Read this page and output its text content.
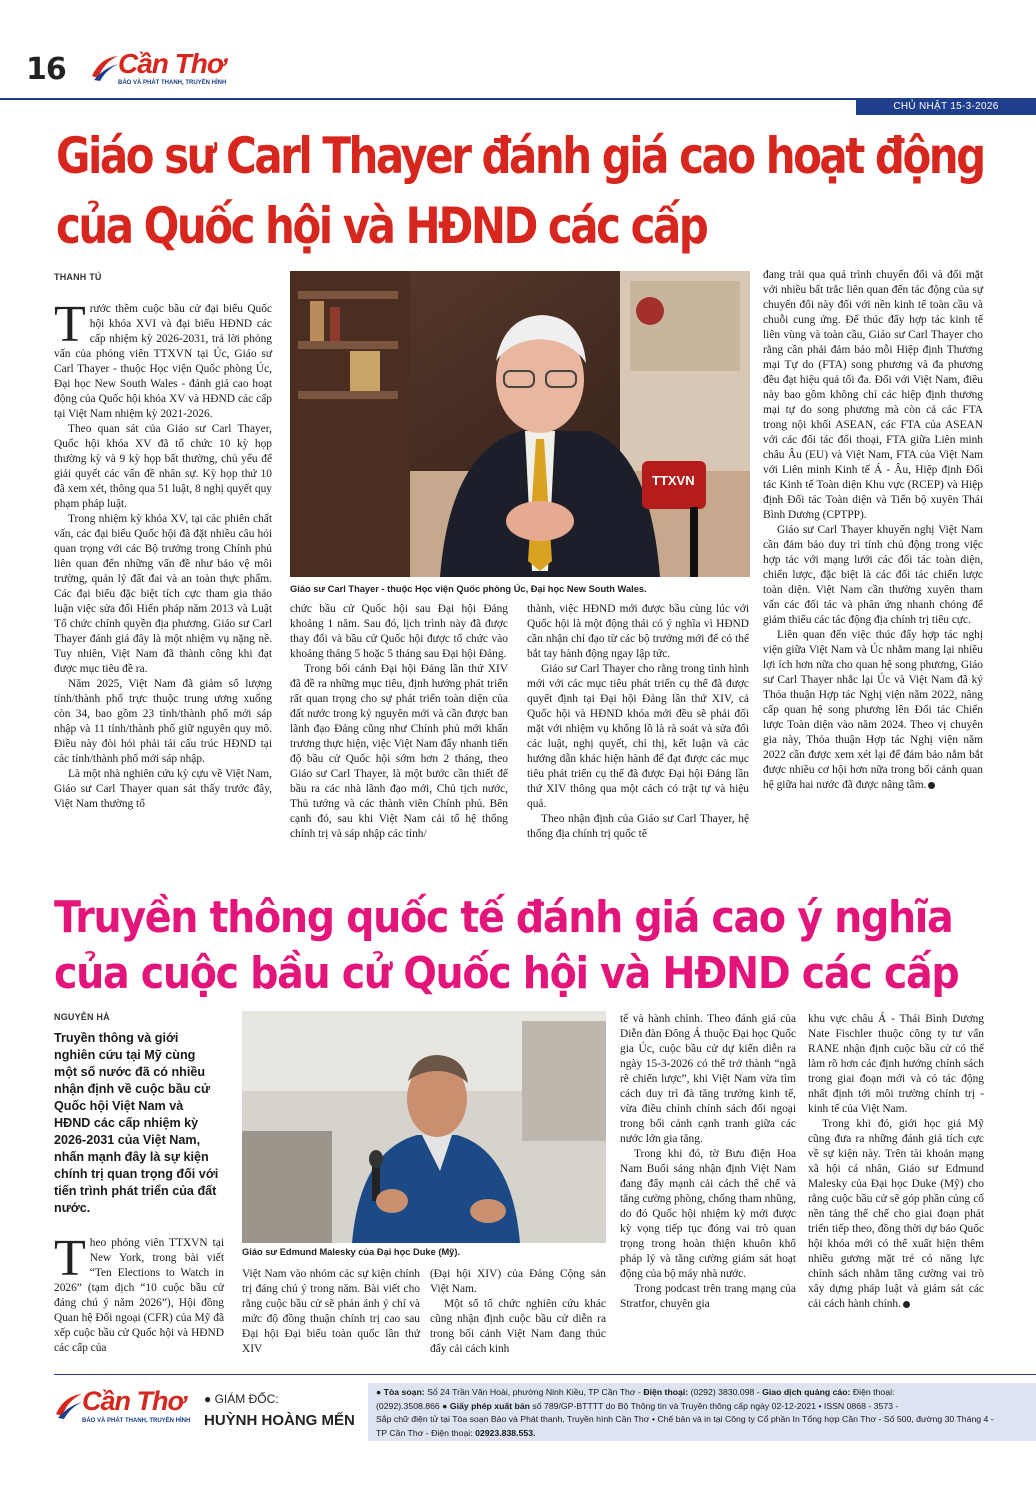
16 Cần Thơ
BÁO VÀ PHÁT THANH, TRUYỀN HÌNH
CHỦ NHẬT 15-3-2026
Giáo sư Carl Thayer đánh giá cao hoạt động
của Quốc hội và HĐND các cấp
THANH TÚ

Trước thềm cuộc bầu cử đại biểu Quốc hội khóa XVI và đại biểu HĐND các cấp nhiệm kỳ 2026-2031, trả lời phỏng vấn của phóng viên TTXVN tại Úc, Giáo sư Carl Thayer - thuộc Học viện Quốc phòng Úc, Đại học New South Wales - đánh giá cao hoạt động của Quốc hội khóa XV và HĐND các cấp tại Việt Nam nhiệm kỳ 2021-2026.

Theo quan sát của Giáo sư Carl Thayer, Quốc hội khóa XV đã tổ chức 10 kỳ họp thường kỳ và 9 kỳ họp bất thường, chủ yếu để giải quyết các vấn đề nhân sự. Kỳ họp thứ 10 đã xem xét, thông qua 51 luật, 8 nghị quyết quy phạm pháp luật.

Trong nhiệm kỳ khóa XV, tại các phiên chất vấn, các đại biểu Quốc hội đã đặt nhiều câu hỏi quan trọng với các Bộ trưởng trong Chính phủ liên quan đến những vấn đề như bảo vệ môi trường, quản lý đất đai và an toàn thực phẩm. Các đại biểu đặc biệt tích cực tham gia thảo luận việc sửa đổi Hiến pháp năm 2013 và Luật Tổ chức chính quyền địa phương. Giáo sư Carl Thayer đánh giá đây là một nhiệm vụ nặng nề. Tuy nhiên, Việt Nam đã thành công khi đạt được mục tiêu đề ra.

Năm 2025, Việt Nam đã giảm số lượng tỉnh/thành phố trực thuộc trung ương xuống còn 34, bao gồm 23 tỉnh/thành phố mới sáp nhập và 11 tỉnh/thành phố giữ nguyên quy mô. Điều này đòi hỏi phải tái cấu trúc HĐND tại các tỉnh/thành phố mới sáp nhập.

Là một nhà nghiên cứu kỳ cựu về Việt Nam, Giáo sư Carl Thayer quan sát thấy trước đây, Việt Nam thường tổ

TTXVN
Giáo sư Carl Thayer - thuộc Học viện Quốc phòng Úc, Đại học New South Wales.

chức bầu cử Quốc hội sau Đại hội Đảng khoảng 1 năm. Sau đó, lịch trình này đã được thay đổi và bầu cử Quốc hội được tổ chức vào khoảng tháng 5 hoặc 5 tháng sau Đại hội Đảng.

Trong bối cảnh Đại hội Đảng lần thứ XIV đã đề ra những mục tiêu, định hướng phát triển rất quan trọng cho sự phát triển toàn diện của đất nước trong kỷ nguyên mới và cần được ban lãnh đạo Đảng cũng như Chính phủ mới khẩn trương thực hiện, việc Việt Nam đẩy nhanh tiến độ bầu cử Quốc hội sớm hơn 2 tháng, theo Giáo sư Carl Thayer, là một bước cần thiết để bầu ra các nhà lãnh đạo mới, Chủ tịch nước, Thủ tướng và các thành viên Chính phủ. Bên cạnh đó, sau khi Việt Nam cải tổ hệ thống chính trị và sáp nhập các tỉnh/

thành, việc HĐND mới được bầu cùng lúc với Quốc hội là một động thái có ý nghĩa vì HĐND cần nhận chỉ đạo từ các bộ trưởng mới để có thể bắt tay hành động ngay lập tức.

Giáo sư Carl Thayer cho rằng trong tình hình mới với các mục tiêu phát triển cụ thể đã được quyết định tại Đại hội Đảng lần thứ XIV, cả Quốc hội và HĐND khóa mới đều sẽ phải đối mặt với nhiệm vụ khổng lồ là rà soát và sửa đổi các luật, nghị quyết, chỉ thị, kết luận và các hướng dẫn khác hiện hành để đạt được các mục tiêu phát triển cụ thể đã được Đại hội Đảng lần thứ XIV thông qua một cách có trật tự và hiệu quả.

Theo nhận định của Giáo sư Carl Thayer, hệ thống địa chính trị quốc tế

đang trải qua quá trình chuyển đổi và đối mặt với nhiều bất trắc liên quan đến tác động của sự chuyển đổi này đối với nền kinh tế toàn cầu và chuỗi cung ứng. Để thúc đẩy hợp tác kinh tế liên vùng và toàn cầu, Giáo sư Carl Thayer cho rằng cần phải đảm bảo mỗi Hiệp định Thương mại Tự do (FTA) song phương và đa phương đều đạt hiệu quả tối đa. Đối với Việt Nam, điều này bao gồm không chỉ các hiệp định thương mại tự do song phương mà còn cả các FTA trong nội khối ASEAN, các FTA của ASEAN với các đối tác đối thoại, FTA giữa Liên minh châu Âu (EU) và Việt Nam, FTA của Việt Nam với Liên minh Kinh tế Á - Âu, Hiệp định Đối tác Kinh tế Toàn diện Khu vực (RCEP) và Hiệp định Đối tác Toàn diện và Tiến bộ xuyên Thái Bình Dương (CPTPP).

Giáo sư Carl Thayer khuyến nghị Việt Nam cần đảm bảo duy trì tính chủ động trong việc hợp tác với mạng lưới các đối tác toàn diện, chiến lược, đặc biệt là các đối tác chiến lược toàn diện. Việt Nam cần thường xuyên tham vấn các đối tác và phân ứng nhanh chóng để giảm thiểu các tác động địa chính trị tiêu cực.

Liên quan đến việc thúc đẩy hợp tác nghị viện giữa Việt Nam và Úc nhằm mang lại nhiều lợi ích hơn nữa cho quan hệ song phương, Giáo sư Carl Thayer nhắc lại Úc và Việt Nam đã ký Thỏa thuận Hợp tác Nghị viện năm 2022, nâng cấp quan hệ song phương lên Đối tác Chiến lược Toàn diện vào năm 2024. Theo vị chuyên gia này, Thỏa thuận Hợp tác Nghị viện năm 2022 cần được xem xét lại để đảm bảo nắm bắt được nhiều cơ hội hơn nữa trong bối cảnh quan hệ giữa hai nước đã được nâng tầm.

Truyền thông quốc tế đánh giá cao ý nghĩa
của cuộc bầu cử Quốc hội và HĐND các cấp
NGUYỄN HÀ
Truyền thông và giới nghiên cứu tại Mỹ cùng một số nước đã có nhiều nhận định về cuộc bầu cử Quốc hội Việt Nam và HĐND các cấp nhiệm kỳ 2026-2031 của Việt Nam, nhấn mạnh đây là sự kiện chính trị quan trọng đối với tiến trình phát triển của đất nước.
Giáo sư Edmund Malesky của Đại học Duke (Mỹ).

Theo phóng viên TTXVN tại New York, trong bài viết “Ten Elections to Watch in 2026” (tạm dịch “10 cuộc bầu cử đáng chú ý năm 2026”), Hội đồng Quan hệ Đối ngoại (CFR) của Mỹ đã xếp cuộc bầu cử Quốc hội và HĐND các cấp của

Việt Nam vào nhóm các sự kiện chính trị đáng chú ý trong năm. Bài viết cho rằng cuộc bầu cử sẽ phản ánh ý chí và mức độ đồng thuận chính trị cao sau Đại hội Đại biểu toàn quốc lần thứ XIV

(Đại hội XIV) của Đảng Cộng sản Việt Nam.

Một số tổ chức nghiên cứu khác cũng nhận định cuộc bầu cử diễn ra trong bối cảnh Việt Nam đang thúc đẩy cải cách kinh

tế và hành chính. Theo đánh giá của Diễn đàn Đông Á thuộc Đại học Quốc gia Úc, cuộc bầu cử dự kiến diễn ra ngày 15-3-2026 có thể trở thành “ngã rẽ chiến lược”, khi Việt Nam vừa tìm cách duy trì đà tăng trưởng kinh tế, vừa điều chỉnh chính sách đối ngoại trong bối cảnh cạnh tranh giữa các nước lớn gia tăng.

Trong khi đó, tờ Bưu điện Hoa Nam Buổi sáng nhận định Việt Nam đang đẩy mạnh cải cách thể chế và tăng cường phòng, chống tham nhũng, do đó Quốc hội nhiệm kỳ mới được kỳ vọng tiếp tục đóng vai trò quan trọng trong hoàn thiện khuôn khổ pháp lý và tăng cường giám sát hoạt động của bộ máy nhà nước.

Trong podcast trên trang mạng của Stratfor, chuyên gia

khu vực châu Á - Thái Bình Dương Nate Fischler thuộc công ty tư vấn RANE nhận định cuộc bầu cử có thể làm rõ hơn các định hướng chính sách trong giai đoạn mới và có tác động nhất định tới môi trường chính trị - kinh tế của Việt Nam.

Trong khi đó, giới học giả Mỹ cũng đưa ra những đánh giá tích cực về sự kiện này. Trên tài khoản mạng xã hội cá nhân, Giáo sư Edmund Malesky của Đại học Duke (Mỹ) cho rằng cuộc bầu cử sẽ góp phần củng cố nền tảng thể chế cho giai đoạn phát triển tiếp theo, đồng thời dự báo Quốc hội khóa mới có thể xuất hiện thêm nhiều gương mặt trẻ có năng lực chính sách nhằm tăng cường vai trò xây dựng pháp luật và giám sát các cải cách hành chính.

Cần Thơ
BÁO VÀ PHÁT THANH, TRUYỀN HÌNH
● GIÁM ĐỐC:
HUỲNH HOÀNG MẾN
● Tòa soạn: Số 24 Trần Văn Hoài, phường Ninh Kiều, TP Cần Thơ - Điện thoại: (0292) 3830.098 - Giao dịch quảng cáo: Điện thoại:
(0292).3508.866 ● Giấy phép xuất bản số 789/GP-BTTTT do Bộ Thông tin và Truyền thông cấp ngày 02-12-2021 • ISSN 0868 - 3573 -
Sắp chữ điện tử tại Tòa soạn Báo và Phát thanh, Truyền hình Cần Thơ • Chế bản và in tại Công ty Cổ phần In Tổng hợp Cần Thơ - Số 500, đường 30 Tháng 4 -
TP Cần Thơ - Điện thoại: 02923.838.553.
